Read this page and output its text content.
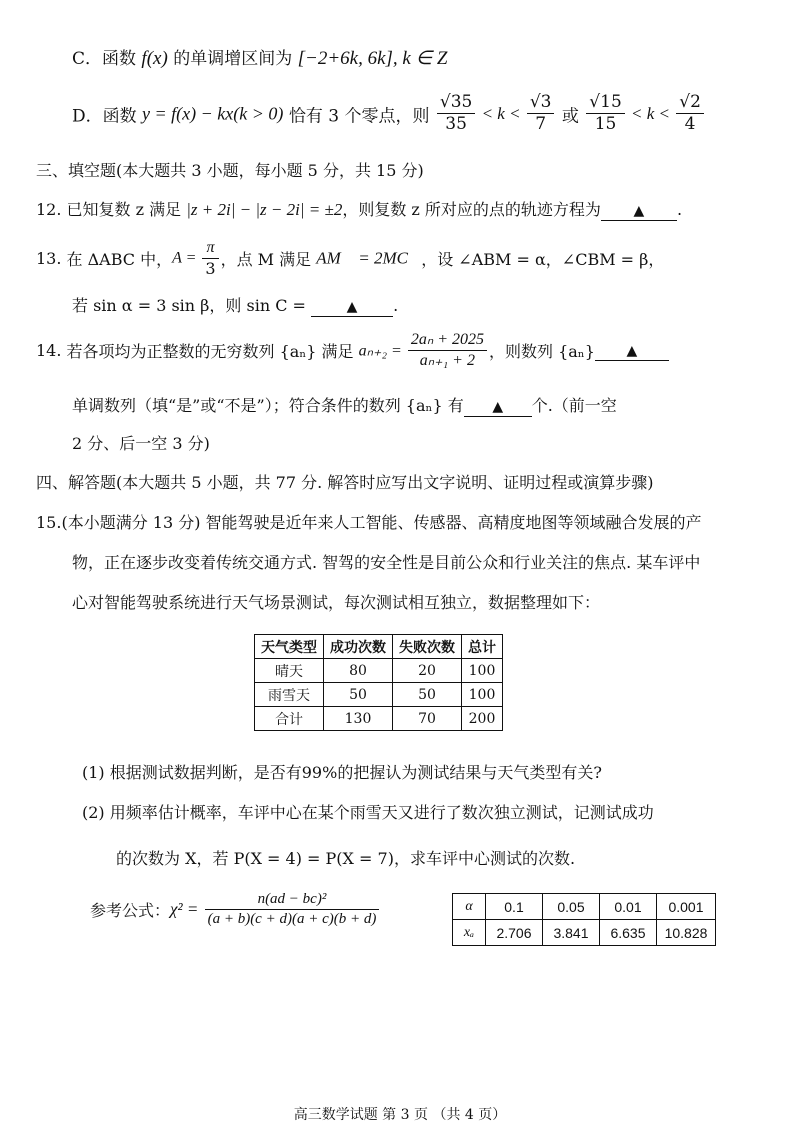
C．函数 f(x) 的单调增区间为 [−2+6k, 6k], k ∈ Z
D．函数 y = f(x) − kx(k > 0) 恰有 3 个零点，则 $\frac{√35}{35} < k < \frac{√3}{7}$ 或 $\frac{√15}{15} < k < \frac{√2}{4}$
三、填空题(本大题共 3 小题，每小题 5 分，共 15 分)
12. 已知复数 z 满足 |z + 2i| − |z − 2i| = ±2，则复数 z 所对应的点的轨迹方程为 ▲ .
13. 在 ΔABC 中，$A = \frac{\pi}{3}$ ，点 M 满足 AM⃗ = 2MC⃗，设 ∠ABM = α，∠CBM = β，
若 sin α = 3 sin β，则 sin C =	▲ .
14. 若各项均为正整数的无穷数列 {aₙ} 满足 $a_{n+2} = \frac{\text{2aₙ + 2025}}{\text{aₙ₊₁ + 2}}$ ，则数列 {aₙ} ▲
单调数列（填“是”或“不是”）；符合条件的数列 {aₙ} 有 ▲ 个.（前一空
2 分、后一空 3 分)
四、解答题(本大题共 5 小题，共 77 分. 解答时应写出文字说明、证明过程或演算步骤)
15.(本小题满分 13 分) 智能驾驶是近年来人工智能、传感器、高精度地图等领域融合发展的产
物，正在逐步改变着传统交通方式. 智驾的安全性是目前公众和行业关注的焦点. 某车评中
心对智能驾驶系统进行天气场景测试，每次测试相互独立，数据整理如下：
天气类型	成功次数	失败次数	总计
晴天	80	20	100
雨雪天	50	50	100
合计	130	70	200
(1) 根据测试数据判断，是否有99%的把握认为测试结果与天气类型有关?
(2) 用频率估计概率，车评中心在某个雨雪天又进行了数次独立测试，记测试成功
的次数为 X，若 P(X = 4) = P(X = 7)，求车评中心测试的次数.
参考公式：$\chi^2 = \frac{\text{n(ad − bc)²}}{(a + b)(c + d)(a + c)(b + d)}$	α	0.1	0.05	0.01	0.001
xₐ	2.706	3.841	6.635	10.828
高三数学试题 第 3 页 （共 4 页）
